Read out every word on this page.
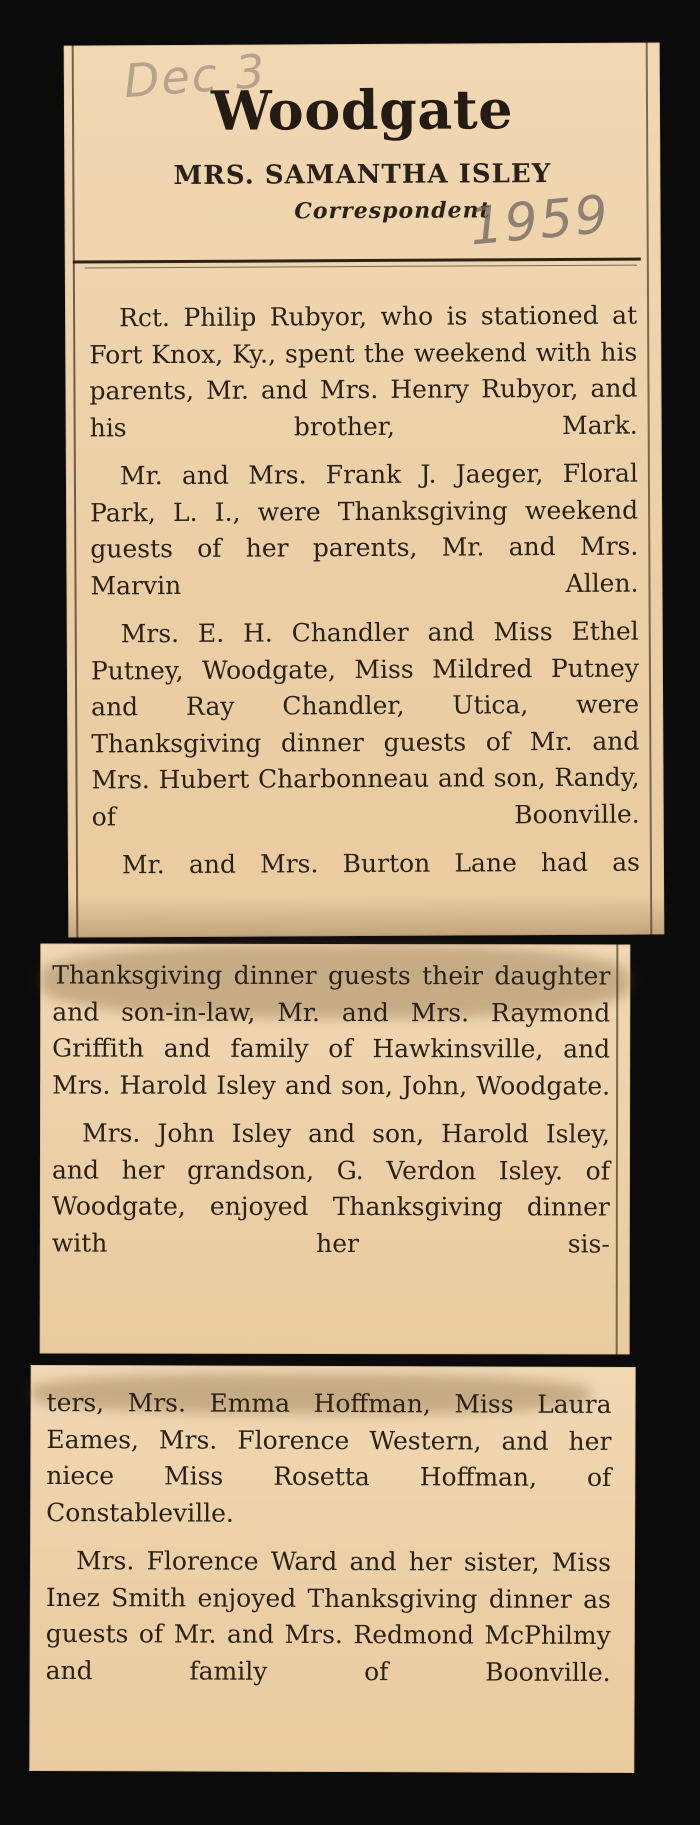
Dec 3
Woodgate
MRS. SAMANTHA ISLEY
Correspondent
1959

Rct. Philip Rubyor, who is stationed at Fort Knox, Ky., spent the weekend with his parents, Mr. and Mrs. Henry Rubyor, and his brother, Mark.

Mr. and Mrs. Frank J. Jaeger, Floral Park, L. I., were Thanksgiving weekend guests of her parents, Mr. and Mrs. Marvin Allen.

Mrs. E. H. Chandler and Miss Ethel Putney, Woodgate, Miss Mildred Putney and Ray Chandler, Utica, were Thanksgiving dinner guests of Mr. and Mrs. Hubert Charbonneau and son, Randy, of Boonville.

Mr. and Mrs. Burton Lane had as

Thanksgiving dinner guests their daughter and son-in-law, Mr. and Mrs. Raymond Griffith and family of Hawkinsville, and Mrs. Harold Isley and son, John, Woodgate.

Mrs. John Isley and son, Harold Isley, and her grandson, G. Verdon Isley. of Woodgate, enjoyed Thanksgiving dinner with her sis-

ters, Mrs. Emma Hoffman, Miss Laura Eames, Mrs. Florence Western, and her niece Miss Rosetta Hoffman, of Constableville.

Mrs. Florence Ward and her sister, Miss Inez Smith enjoyed Thanksgiving dinner as guests of Mr. and Mrs. Redmond McPhilmy and family of Boonville.
